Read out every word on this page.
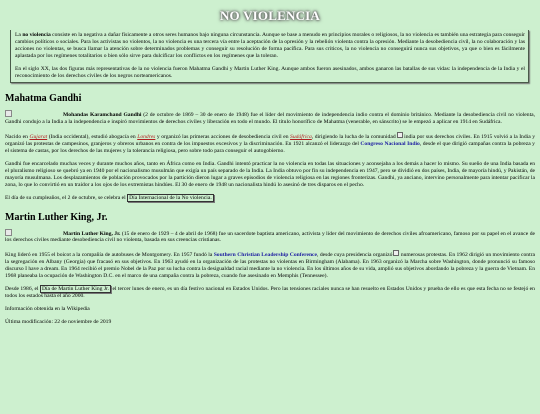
NO VIOLENCIA

La no violencia consiste en la negativa a dañar físicamente a otros seres humanos bajo ninguna circunstancia. Aunque se base a menudo en principios morales o religiosos, la no violencia es también una estrategia para conseguir cambios políticos o sociales. Para los activistas no violentos, la no violencia es una tercera vía entre la aceptación de la opresión y la rebelión violenta contra la opresión. Mediante la desobediencia civil, la no colaboración y las acciones no violentas, se busca llamar la atención sobre determinados problemas y conseguir su resolución de forma pacífica. Para sus críticos, la no violencia no conseguirá nunca sus objetivos, ya que o bien es fácilmente aplastada por los regímenes totalitarios o bien sólo sirve para dulcificar los conflictos en los regímenes que la toleran.

En el siglo XX, las dos figuras más representativas de la no violencia fueron Mahatma Gandhi y Martin Luther King. Aunque ambos fueron asesinados, ambos ganaron las batallas de sus vidas: la independencia de la India y el reconocimiento de los derechos civiles de los negros norteamericanos.

Mahatma Gandhi

Mohandas Karamchand Gandhi (2 de octubre de 1869 – 30 de enero de 1948) fue el líder del movimiento de independencia indio contra el dominio británico. Mediante la desobediencia civil no violenta, Gandhi condujo a la India a la independencia e inspiró movimientos de derechos civiles y liberación en todo el mundo. El título honorífico de Mahatma (venerable, en sánscrito) se le empezó a aplicar en 1914 en Sudáfrica.

Nacido en Gujarat (India occidental), estudió abogacía en Londres y organizó las primeras acciones de desobediencia civil en Sudáfrica, dirigiendo la lucha de la comunidad india por sus derechos civiles. En 1915 volvió a la India y organizó las protestas de campesinos, granjeros y obreros urbanos en contra de los impuestos excesivos y la discriminación. En 1921 alcanzó el liderazgo del Congreso Nacional Indio, desde el que dirigió campañas contra la pobreza y el sistema de castas, por los derechos de las mujeres y la tolerancia religiosa, pero sobre todo para conseguir el autogobierno.

Gandhi fue encarcelado muchas veces y durante muchos años, tanto en África como en India. Gandhi intentó practicar la no violencia en todas las situaciones y aconsejaba a los demás a hacer lo mismo. Su sueño de una India basada en el pluralismo religioso se quebró ya en 1940 por el nacionalismo musulmán que exigía un país separado de la India. La India obtuvo por fin su independencia en 1947, pero se dividió en dos países, India, de mayoría hindú, y Pakistán, de mayoría musulmana. Los desplazamientos de población provocados por la partición dieron lugar a graves episodios de violencia religiosa en las regiones fronterizas. Gandhi, ya anciano, intervino personalmente para intentar pacificar la zona, lo que lo convirtió en un traidor a los ojos de los extremistas hindúes. El 30 de enero de 1948 un nacionalista hindú lo asesinó de tres disparos en el pecho.

El día de su cumpleaños, el 2 de octubre, se celebra el Día Internacional de la No violencia.

Martin Luther King, Jr.

Martin Luther King, Jr. (15 de enero de 1929 – 4 de abril de 1968) fue un sacerdote baptista americano, activista y líder del movimiento de derechos civiles afroamericano, famoso por su papel en el avance de los derechos civiles mediante desobediencia civil no violenta, basada en sus creencias cristianas.

King lideró en 1955 el boicot a la compañía de autobuses de Montgomery. En 1957 fundó la Southern Christian Leadership Conference, desde cuya presidencia organizó numerosas protestas. En 1962 dirigió un movimiento contra la segregación en Albany (Georgia) que fracasó en sus objetivos. En 1963 ayudó en la organización de las protestas no violentas en Birmingham (Alabama). En 1963 organizó la Marcha sobre Washington, donde pronunció su famoso discurso I have a dream. En 1964 recibió el premio Nobel de la Paz por su lucha contra la desigualdad racial mediante la no violencia. En los últimos años de su vida, amplió sus objetivos abordando la pobreza y la guerra de Vietnam. En 1968 planeaba la ocupación de Washington D.C. en el marco de una campaña contra la pobreza, cuando fue asesinado en Memphis (Tennessee).

Desde 1986, el Día de Martin Luther King Jr. el tercer lunes de enero, es un día festivo nacional en Estados Unidos. Pero las tensiones raciales nunca se han resuelto en Estados Unidos y prueba de ello es que esta fecha no se festejó en todos los estados hasta el año 2000.

Información obtenida en la Wikipedia

Última modificación: 22 de noviembre de 2019
